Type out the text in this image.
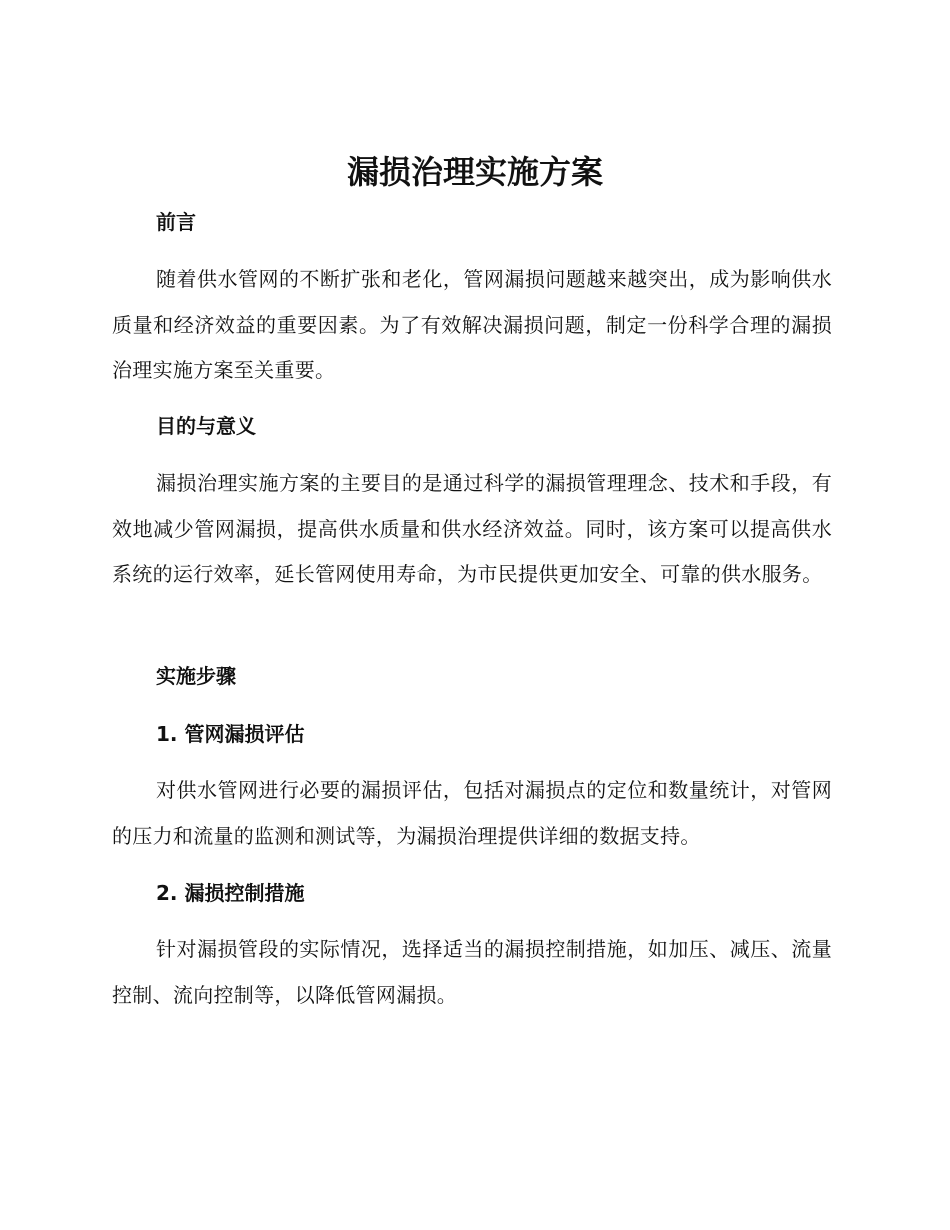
漏损治理实施方案
前言

随着供水管网的不断扩张和老化，管网漏损问题越来越突出，成为影响供水质量和经济效益的重要因素。为了有效解决漏损问题，制定一份科学合理的漏损治理实施方案至关重要。

目的与意义

漏损治理实施方案的主要目的是通过科学的漏损管理理念、技术和手段，有效地减少管网漏损，提高供水质量和供水经济效益。同时，该方案可以提高供水系统的运行效率，延长管网使用寿命，为市民提供更加安全、可靠的供水服务。

实施步骤
1. 管网漏损评估

对供水管网进行必要的漏损评估，包括对漏损点的定位和数量统计，对管网的压力和流量的监测和测试等，为漏损治理提供详细的数据支持。

2. 漏损控制措施

针对漏损管段的实际情况，选择适当的漏损控制措施，如加压、减压、流量控制、流向控制等，以降低管网漏损。
